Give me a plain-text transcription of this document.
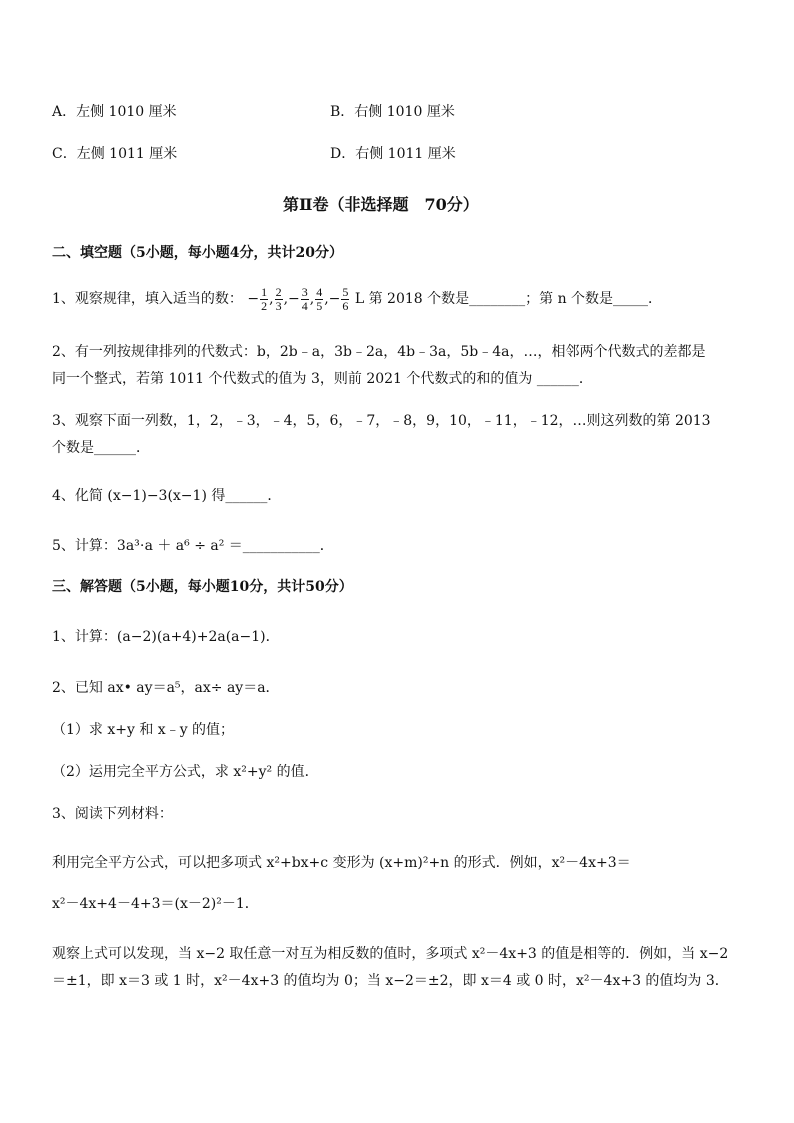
A．左侧 1010 厘米	B．右侧 1010 厘米
C．左侧 1011 厘米	D．右侧 1011 厘米
第Ⅱ卷（非选择题　70分）
二、填空题（5小题，每小题4分，共计20分）
1、观察规律，填入适当的数： − $\frac{1}{2}$ , $\frac{2}{3}$ ,− $\frac{3}{4}$ , $\frac{4}{5}$ ,− $\frac{5}{6}$ L 第 2018 个数是________；第 n 个数是_____．
2、有一列按规律排列的代数式：b，2b﹣a，3b﹣2a，4b﹣3a，5b﹣4a，…，相邻两个代数式的差都是
同一个整式，若第 1011 个代数式的值为 3，则前 2021 个代数式的和的值为 ______．
3、观察下面一列数，1，2，﹣3，﹣4，5，6，﹣7，﹣8，9，10，﹣11，﹣12，…则这列数的第 2013
个数是______．
4、化简 (x−1)−3(x−1) 得______．
5、计算：3a³⋅a ＋ a⁶ ÷ a² ＝___________．
三、解答题（5小题，每小题10分，共计50分）
1、计算：(a−2)(a+4)+2a(a−1)．
2、已知 ax• ay＝a⁵，ax÷ ay＝a．
（1）求 x+y 和 x﹣y 的值；
（2）运用完全平方公式，求 x²+y² 的值．
3、阅读下列材料：
利用完全平方公式，可以把多项式 x²+bx+c 变形为 (x+m)²+n 的形式．例如，x²－4x+3＝
x²－4x+4－4+3＝(x－2)²－1．
观察上式可以发现，当 x−2 取任意一对互为相反数的值时，多项式 x²－4x+3 的值是相等的．例如，当 x−2
＝±1，即 x＝3 或 1 时，x²－4x+3 的值均为 0；当 x−2＝±2，即 x＝4 或 0 时，x²－4x+3 的值均为 3．
